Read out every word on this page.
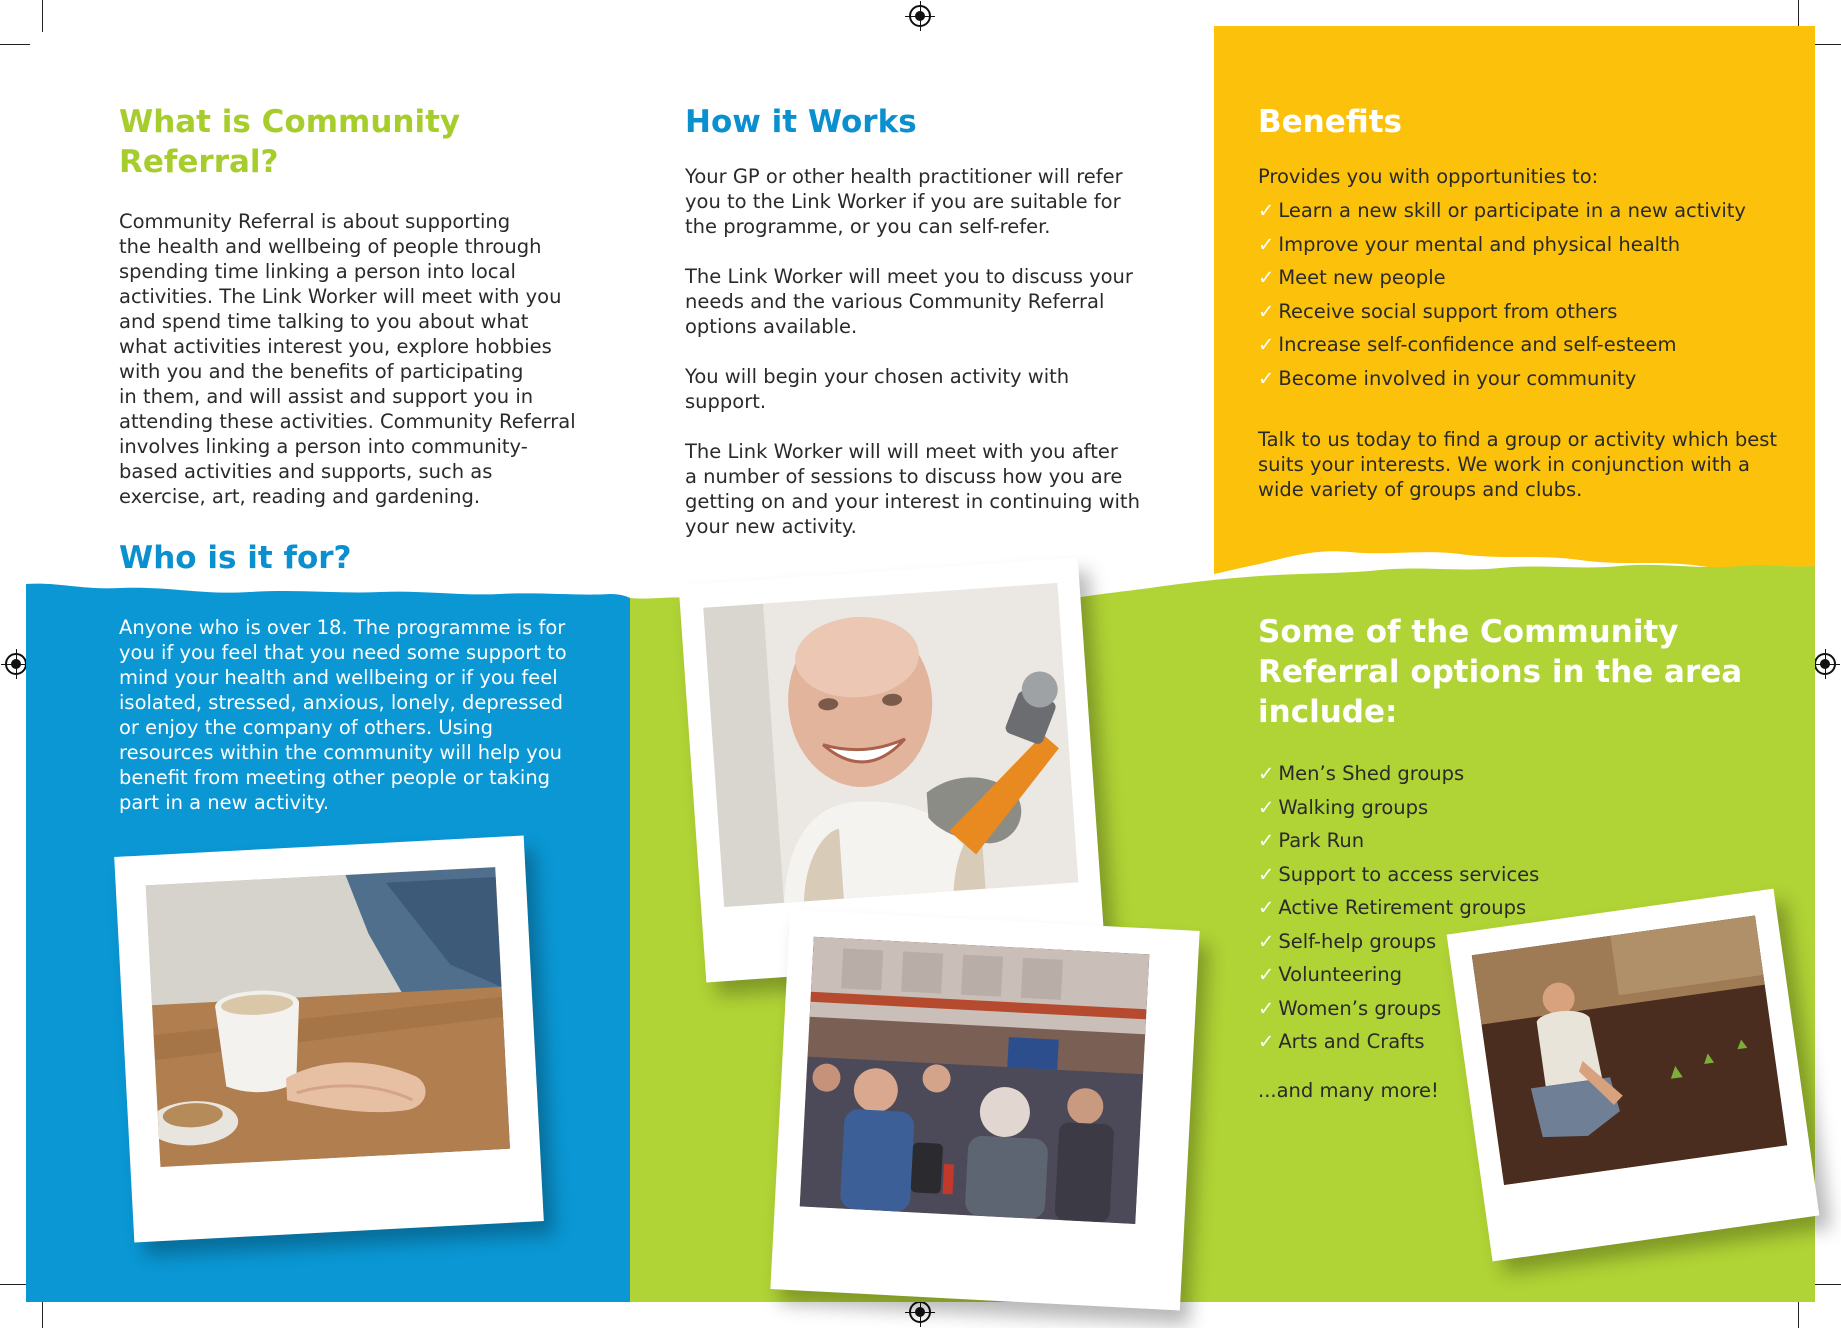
What is Community
Referral?

Community Referral is about supporting
the health and wellbeing of people through
spending time linking a person into local
activities. The Link Worker will meet with you
and spend time talking to you about what
what activities interest you, explore hobbies
with you and the benefits of participating
in them, and will assist and support you in
attending these activities. Community Referral
involves linking a person into community-
based activities and supports, such as
exercise, art, reading and gardening.

Who is it for?

Anyone who is over 18. The programme is for
you if you feel that you need some support to
mind your health and wellbeing or if you feel
isolated, stressed, anxious, lonely, depressed
or enjoy the company of others. Using
resources within the community will help you
benefit from meeting other people or taking
part in a new activity.

How it Works

Your GP or other health practitioner will refer
you to the Link Worker if you are suitable for
the programme, or you can self-refer.

The Link Worker will meet you to discuss your
needs and the various Community Referral
options available.

You will begin your chosen activity with
support.

The Link Worker will will meet with you after
a number of sessions to discuss how you are
getting on and your interest in continuing with
your new activity.

Benefits

Provides you with opportunities to:

✓ Learn a new skill or participate in a new activity
✓ Improve your mental and physical health
✓ Meet new people
✓ Receive social support from others
✓ Increase self-confidence and self-esteem
✓ Become involved in your community

Talk to us today to find a group or activity which best
suits your interests. We work in conjunction with a
wide variety of groups and clubs.

Some of the Community
Referral options in the area
include:
✓ Men’s Shed groups
✓ Walking groups
✓ Park Run
✓ Support to access services
✓ Active Retirement groups
✓ Self-help groups
✓ Volunteering
✓ Women’s groups
✓ Arts and Crafts

...and many more!
